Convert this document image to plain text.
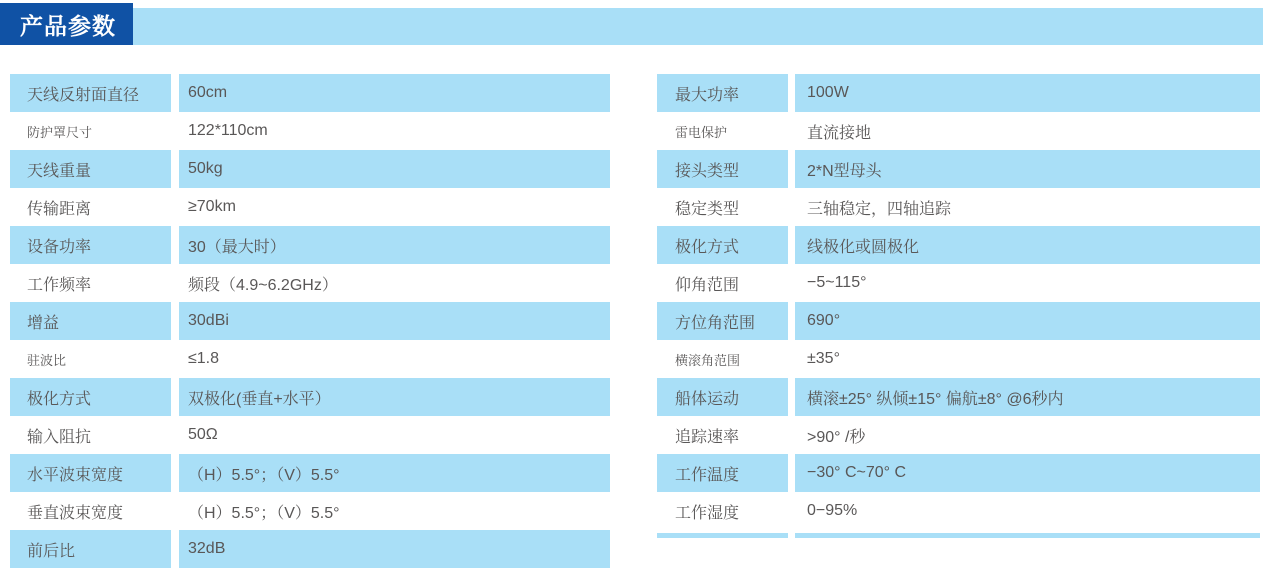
产品参数
天线反射面直径	60cm
防护罩尺寸	122*110cm
天线重量	50kg
传输距离	≥70km
设备功率	30（最大时）
工作频率	频段（4.9~6.2GHz）
增益	30dBi
驻波比	≤1.8
极化方式	双极化(垂直+水平）
输入阻抗	50Ω
水平波束宽度	（H）5.5°；（V）5.5°
垂直波束宽度	（H）5.5°；（V）5.5°
前后比	32dB
最大功率	100W
雷电保护	直流接地
接头类型	2*N型母头
稳定类型	三轴稳定，四轴追踪
极化方式	线极化或圆极化
仰角范围	−5~115°
方位角范围	690°
横滚角范围	±35°
船体运动	横滚±25° 纵倾±15° 偏航±8° @6秒内
追踪速率	>90° /秒
工作温度	−30° C~70° C
工作湿度	0−95%
